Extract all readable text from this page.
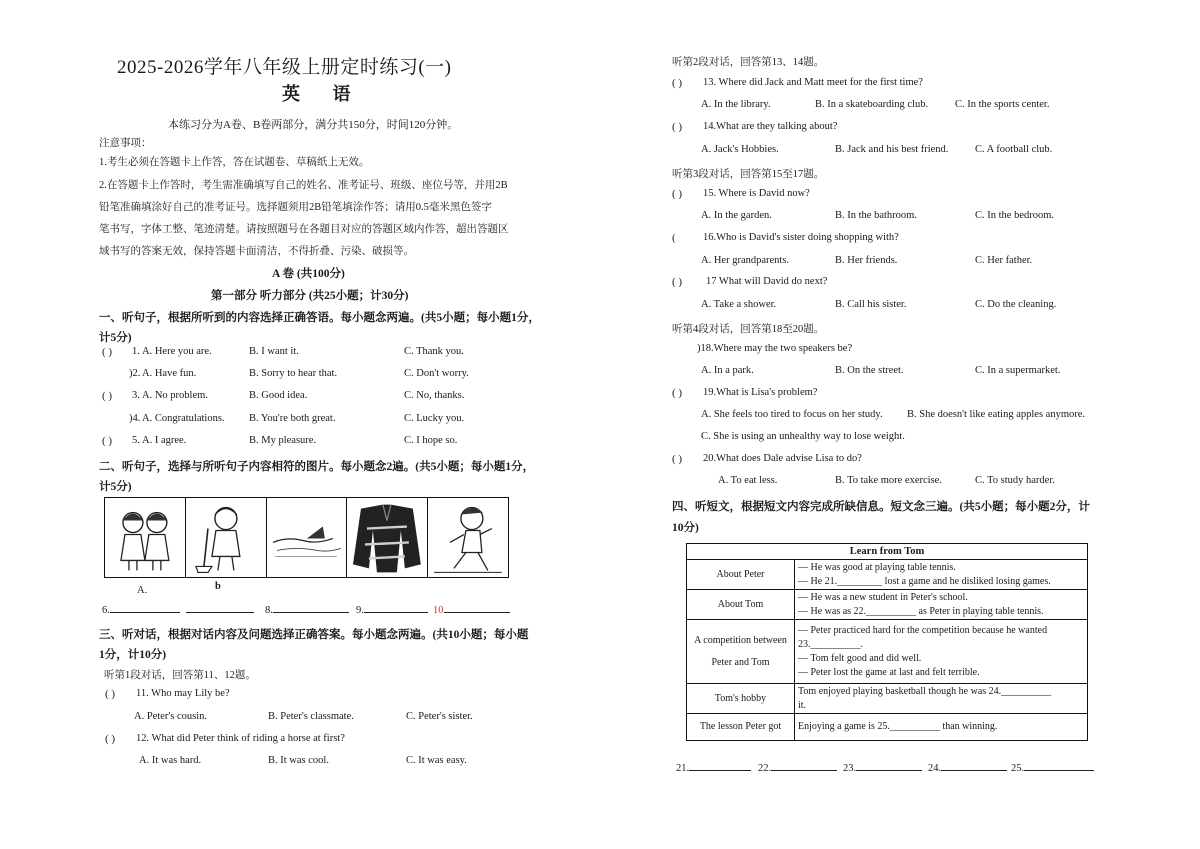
2025-2026学年八年级上册定时练习(一)
英 语
本练习分为A卷、B卷两部分，满分共150分，时间120分钟。
注意事项：
1.考生必须在答题卡上作答，答在试题卷、草稿纸上无效。
2.在答题卡上作答时，考生需准确填写自己的姓名、准考证号、班级、座位号等，并用2B
铅笔准确填涂好自己的准考证号。选择题须用2B铅笔填涂作答；请用0.5毫米黑色签字
笔书写，字体工整、笔迹清楚。请按照题号在各题目对应的答题区域内作答，超出答题区
域书写的答案无效，保持答题卡面清洁，不得折叠、污染、破损等。
A 卷 (共100分)
第一部分 听力部分 (共25小题；计30分)
一、听句子，根据所听到的内容选择正确答语。每小题念两遍。(共5小题；每小题1分，
计5分)
( ) 1. A. Here you are.	B. I want it.	C. Thank you.
)2. A. Have fun.	B. Sorry to hear that.	C. Don't worry.
( ) 3. A. No problem.	B. Good idea.	C. No, thanks.
)4. A. Congratulations. B. You're both great.	C. Lucky you.
( ) 5. A. I agree.	B. My pleasure.	C. I hope so.
二、听句子，选择与所听句子内容相符的图片。每小题念2遍。(共5小题；每小题1分，
计5分)
A.	b
6.	8.	9.	10
三、听对话，根据对话内容及问题选择正确答案。每小题念两遍。(共10小题；每小题
1分，计10分)
听第1段对话，回答第11、12题。
( ) 11. Who may Lily be?
A. Peter's cousin.	B. Peter's classmate.	C. Peter's sister.
( ) 12. What did Peter think of riding a horse at first?
A. It was hard.	B. It was cool.	C. It was easy.
听第2段对话，回答第13、14题。
( ) 13. Where did Jack and Matt meet for the first time?
A. In the library.	B. In a skateboarding club.	C. In the sports center.
( ) 14.What are they talking about?
A. Jack's Hobbies.	B. Jack and his best friend.	C. A football club.
听第3段对话，回答第15至17题。
( ) 15. Where is David now?
A. In the garden.	B. In the bathroom.	C. In the bedroom.
(	16.Who is David's sister doing shopping with?
A. Her grandparents.	B. Her friends.	C. Her father.
( ) 17 What will David do next?
A. Take a shower.	B. Call his sister.	C. Do the cleaning.
听第4段对话，回答第18至20题。
)18.Where may the two speakers be?
A. In a park.	B. On the street.	C. In a supermarket.
( ) 19.What is Lisa's problem?
A. She feels too tired to focus on her study. B. She doesn't like eating apples anymore.
C. She is using an unhealthy way to lose weight.
( ) 20.What does Dale advise Lisa to do?
A. To eat less.	B. To take more exercise.	C. To study harder.
四、听短文，根据短文内容完成所缺信息。短文念三遍。(共5小题；每小题2分，计
10分)
Learn from Tom	
About Peter	— He was good at playing table tennis.
— He 21._________ lost a game and he disliked losing games.

About Tom	— He was a new student in Peter's school.
— He was as 22.__________ as Peter in playing table tennis.

A competition between Peter and Tom	— Peter practiced hard for the competition because he wanted
23.__________.
— Tom felt good and did well.
— Peter lost the game at last and felt terrible.

Tom's hobby	Tom enjoyed playing basketball though he was 24.__________
it.

The lesson Peter got	Enjoying a game is 25.__________ than winning.
21.	22.	23.	24.	25.
